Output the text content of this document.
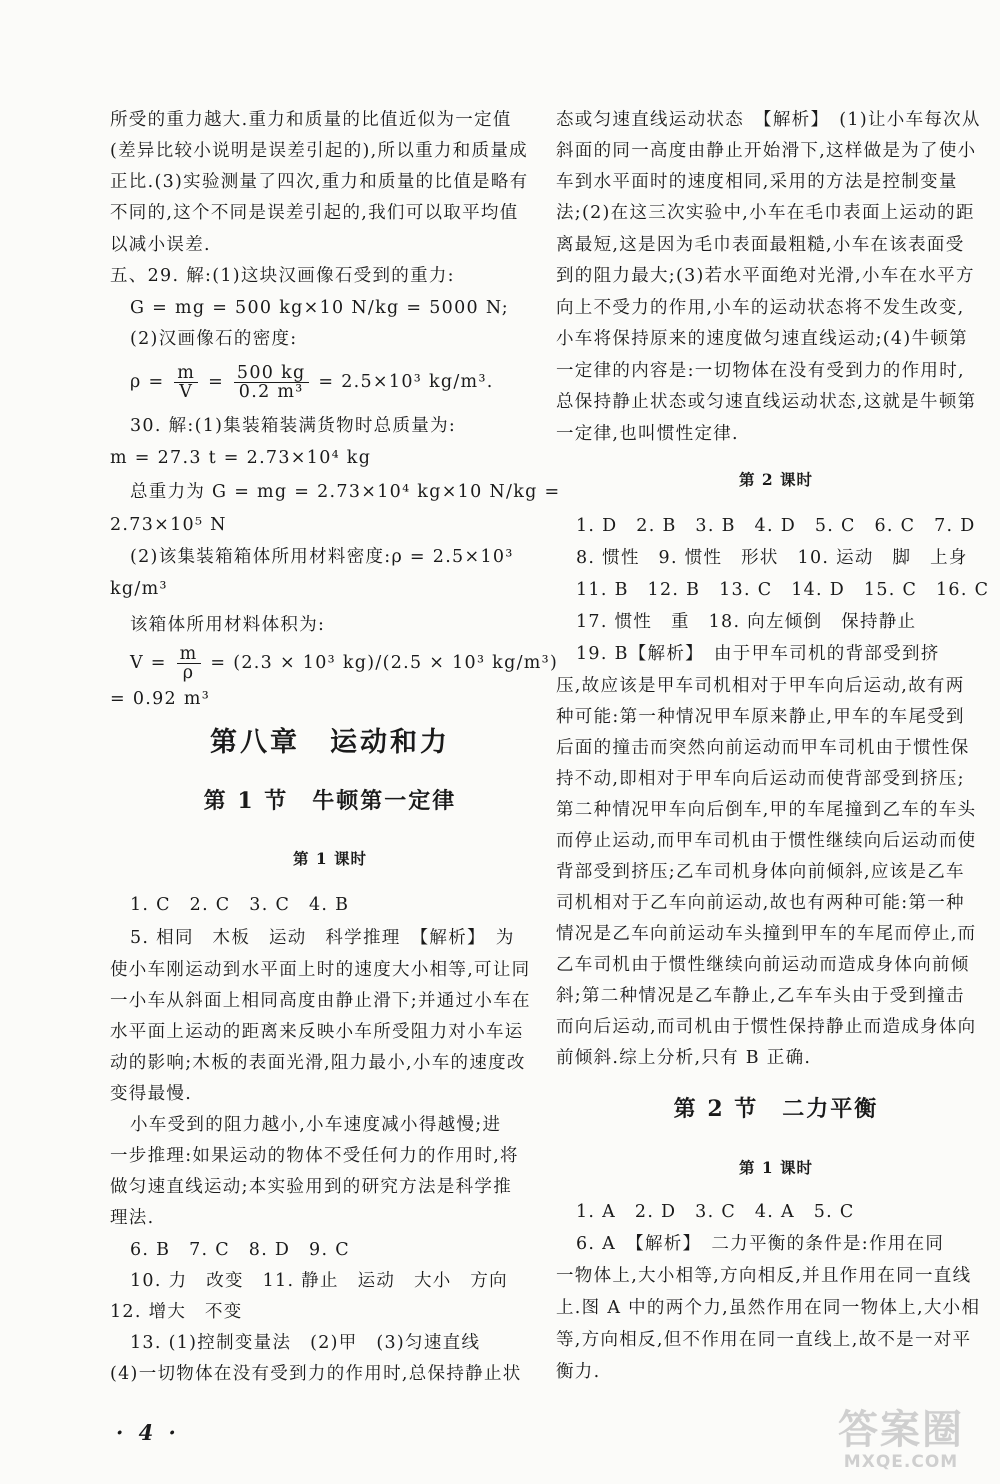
所受的重力越大.重力和质量的比值近似为一定值
(差异比较小说明是误差引起的),所以重力和质量成
正比.(3)实验测量了四次,重力和质量的比值是略有
不同的,这个不同是误差引起的,我们可以取平均值
以减小误差.
五、29. 解:(1)这块汉画像石受到的重力:
G = mg = 500 kg×10 N/kg = 5000 N;
(2)汉画像石的密度:
$\rho = \frac{m}{V} = \frac{500 kg}{\text{0.2 m³}} = 2.5\times 10^3$ kg/m³.
30. 解:(1)集装箱装满货物时总质量为:
m = 27.3 t = 2.73×10⁴ kg
总重力为 G = mg = 2.73×10⁴ kg×10 N/kg =
2.73×10⁵ N
(2)该集装箱箱体所用材料密度:ρ = 2.5×10³
kg/m³
该箱体所用材料体积为:
$V = \frac{m}{\rho} = (2.3 \times 10^3$ kg)/(2.5 × 10³ kg/m³)
= 0.92 m³
第八章　运动和力
第 1 节　牛顿第一定律
第 1 课时
1. C　2. C　3. C　4. B
5. 相同　木板　运动　科学推理　【解析】　为
使小车刚运动到水平面上时的速度大小相等,可让同
一小车从斜面上相同高度由静止滑下;并通过小车在
水平面上运动的距离来反映小车所受阻力对小车运
动的影响;木板的表面光滑,阻力最小,小车的速度改
变得最慢.
小车受到的阻力越小,小车速度减小得越慢;进
一步推理:如果运动的物体不受任何力的作用时,将
做匀速直线运动;本实验用到的研究方法是科学推
理法.
6. B　7. C　8. D　9. C
10. 力　改变　11. 静止　运动　大小　方向
12. 增大　不变
13. (1)控制变量法　(2)甲　(3)匀速直线
(4)一切物体在没有受到力的作用时,总保持静止状
态或匀速直线运动状态　【解析】　(1)让小车每次从
斜面的同一高度由静止开始滑下,这样做是为了使小
车到水平面时的速度相同,采用的方法是控制变量
法;(2)在这三次实验中,小车在毛巾表面上运动的距
离最短,这是因为毛巾表面最粗糙,小车在该表面受
到的阻力最大;(3)若水平面绝对光滑,小车在水平方
向上不受力的作用,小车的运动状态将不发生改变,
小车将保持原来的速度做匀速直线运动;(4)牛顿第
一定律的内容是:一切物体在没有受到力的作用时,
总保持静止状态或匀速直线运动状态,这就是牛顿第
一定律,也叫惯性定律.
第 2 课时
1. D　2. B　3. B　4. D　5. C　6. C　7. D
8. 惯性　9. 惯性　形状　10. 运动　脚　上身
11. B　12. B　13. C　14. D　15. C　16. C
17. 惯性　重　18. 向左倾倒　保持静止
19. B【解析】　由于甲车司机的背部受到挤
压,故应该是甲车司机相对于甲车向后运动,故有两
种可能:第一种情况甲车原来静止,甲车的车尾受到
后面的撞击而突然向前运动而甲车司机由于惯性保
持不动,即相对于甲车向后运动而使背部受到挤压;
第二种情况甲车向后倒车,甲的车尾撞到乙车的车头
而停止运动,而甲车司机由于惯性继续向后运动而使
背部受到挤压;乙车司机身体向前倾斜,应该是乙车
司机相对于乙车向前运动,故也有两种可能:第一种
情况是乙车向前运动车头撞到甲车的车尾而停止,而
乙车司机由于惯性继续向前运动而造成身体向前倾
斜;第二种情况是乙车静止,乙车车头由于受到撞击
而向后运动,而司机由于惯性保持静止而造成身体向
前倾斜.综上分析,只有 B 正确.
第 2 节　二力平衡
第 1 课时
1. A　2. D　3. C　4. A　5. C
6. A　【解析】　二力平衡的条件是:作用在同
一物体上,大小相等,方向相反,并且作用在同一直线
上.图 A 中的两个力,虽然作用在同一物体上,大小相
等,方向相反,但不作用在同一直线上,故不是一对平
衡力.
· 4 ·	答案圈
MXQE.COM
